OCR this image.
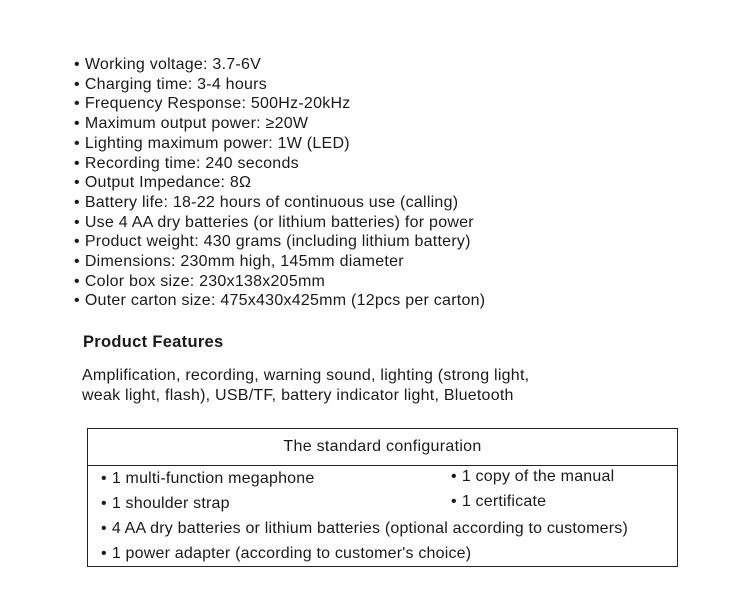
• Working voltage: 3.7-6V
• Charging time: 3-4 hours
• Frequency Response: 500Hz-20kHz
• Maximum output power: ≥20W
• Lighting maximum power: 1W (LED)
• Recording time: 240 seconds
• Output Impedance: 8Ω
• Battery life: 18-22 hours of continuous use (calling)
• Use 4 AA dry batteries (or lithium batteries) for power
• Product weight: 430 grams (including lithium battery)
• Dimensions: 230mm high, 145mm diameter
• Color box size: 230x138x205mm
• Outer carton size: 475x430x425mm (12pcs per carton)
Product Features
Amplification, recording, warning sound, lighting (strong light,
weak light, flash), USB/TF, battery indicator light, Bluetooth
The standard configuration
• 1 multi-function megaphone	• 1 copy of the manual
• 1 shoulder strap	• 1 certificate
• 4 AA dry batteries or lithium batteries (optional according to customers)
• 1 power adapter (according to customer's choice)
